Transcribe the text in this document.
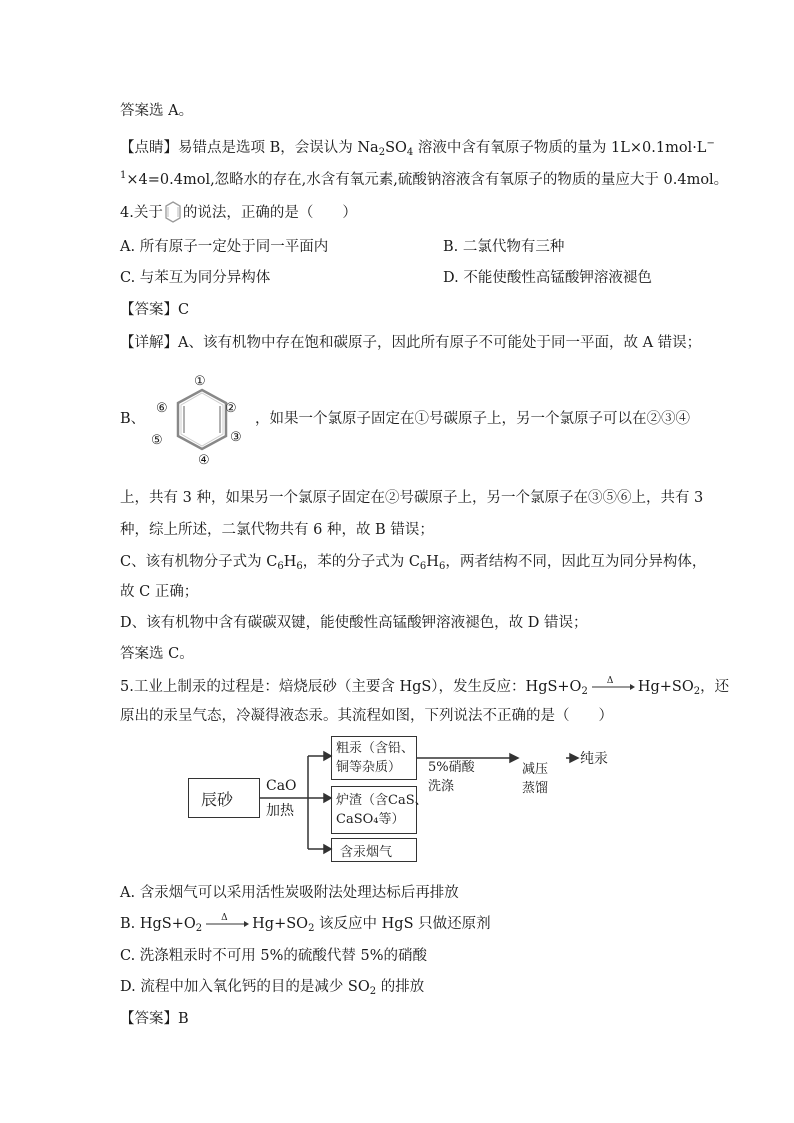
答案选 A。
【点睛】易错点是选项 B，会误认为 $Na_2SO_4$ 溶液中含有氧原子物质的量为 1L×0.1mol·L−
$^1$×4=0.4mol,忽略水的存在,水含有氧元素,硫酸钠溶液含有氧原子的物质的量应大于 0.4mol。
4.关于 的说法，正确的是（　　）
A. 所有原子一定处于同一平面内	B. 二氯代物有三种
C. 与苯互为同分异构体	D. 不能使酸性高锰酸钾溶液褪色
【答案】C
【详解】A、该有机物中存在饱和碳原子，因此所有原子不可能处于同一平面，故 A 错误；
B、
①
②
③
④
⑤
⑥
，如果一个氯原子固定在①号碳原子上，另一个氯原子可以在②③④
上，共有 3 种，如果另一个氯原子固定在②号碳原子上，另一个氯原子在③⑤⑥上，共有 3
种，综上所述，二氯代物共有 6 种，故 B 错误；
C、该有机物分子式为 $C_6H_6$，苯的分子式为 $C_6H_6$，两者结构不同，因此互为同分异构体，
故 C 正确；
D、该有机物中含有碳碳双键，能使酸性高锰酸钾溶液褪色，故 D 错误；
答案选 C。
5.工业上制汞的过程是：焙烧辰砂（主要含 HgS），发生反应：$HgS+O_2$
Δ $Hg+SO_2$，还
原出的汞呈气态，冷凝得液态汞。其流程如图，下列说法不正确的是（　　）
辰砂
CaO
加热
粗汞（含铅、
铜等杂质）	5%硝酸
洗涤
减压
蒸馏
纯汞
炉渣（含CaS、
CaSO₄等）
含汞烟气
A. 含汞烟气可以采用活性炭吸附法处理达标后再排放
B. $HgS+O_2$
Δ $Hg+SO_2$ 该反应中 HgS 只做还原剂
C. 洗涤粗汞时不可用 5%的硫酸代替 5%的硝酸
D. 流程中加入氧化钙的目的是减少 $SO_2$ 的排放
【答案】B
